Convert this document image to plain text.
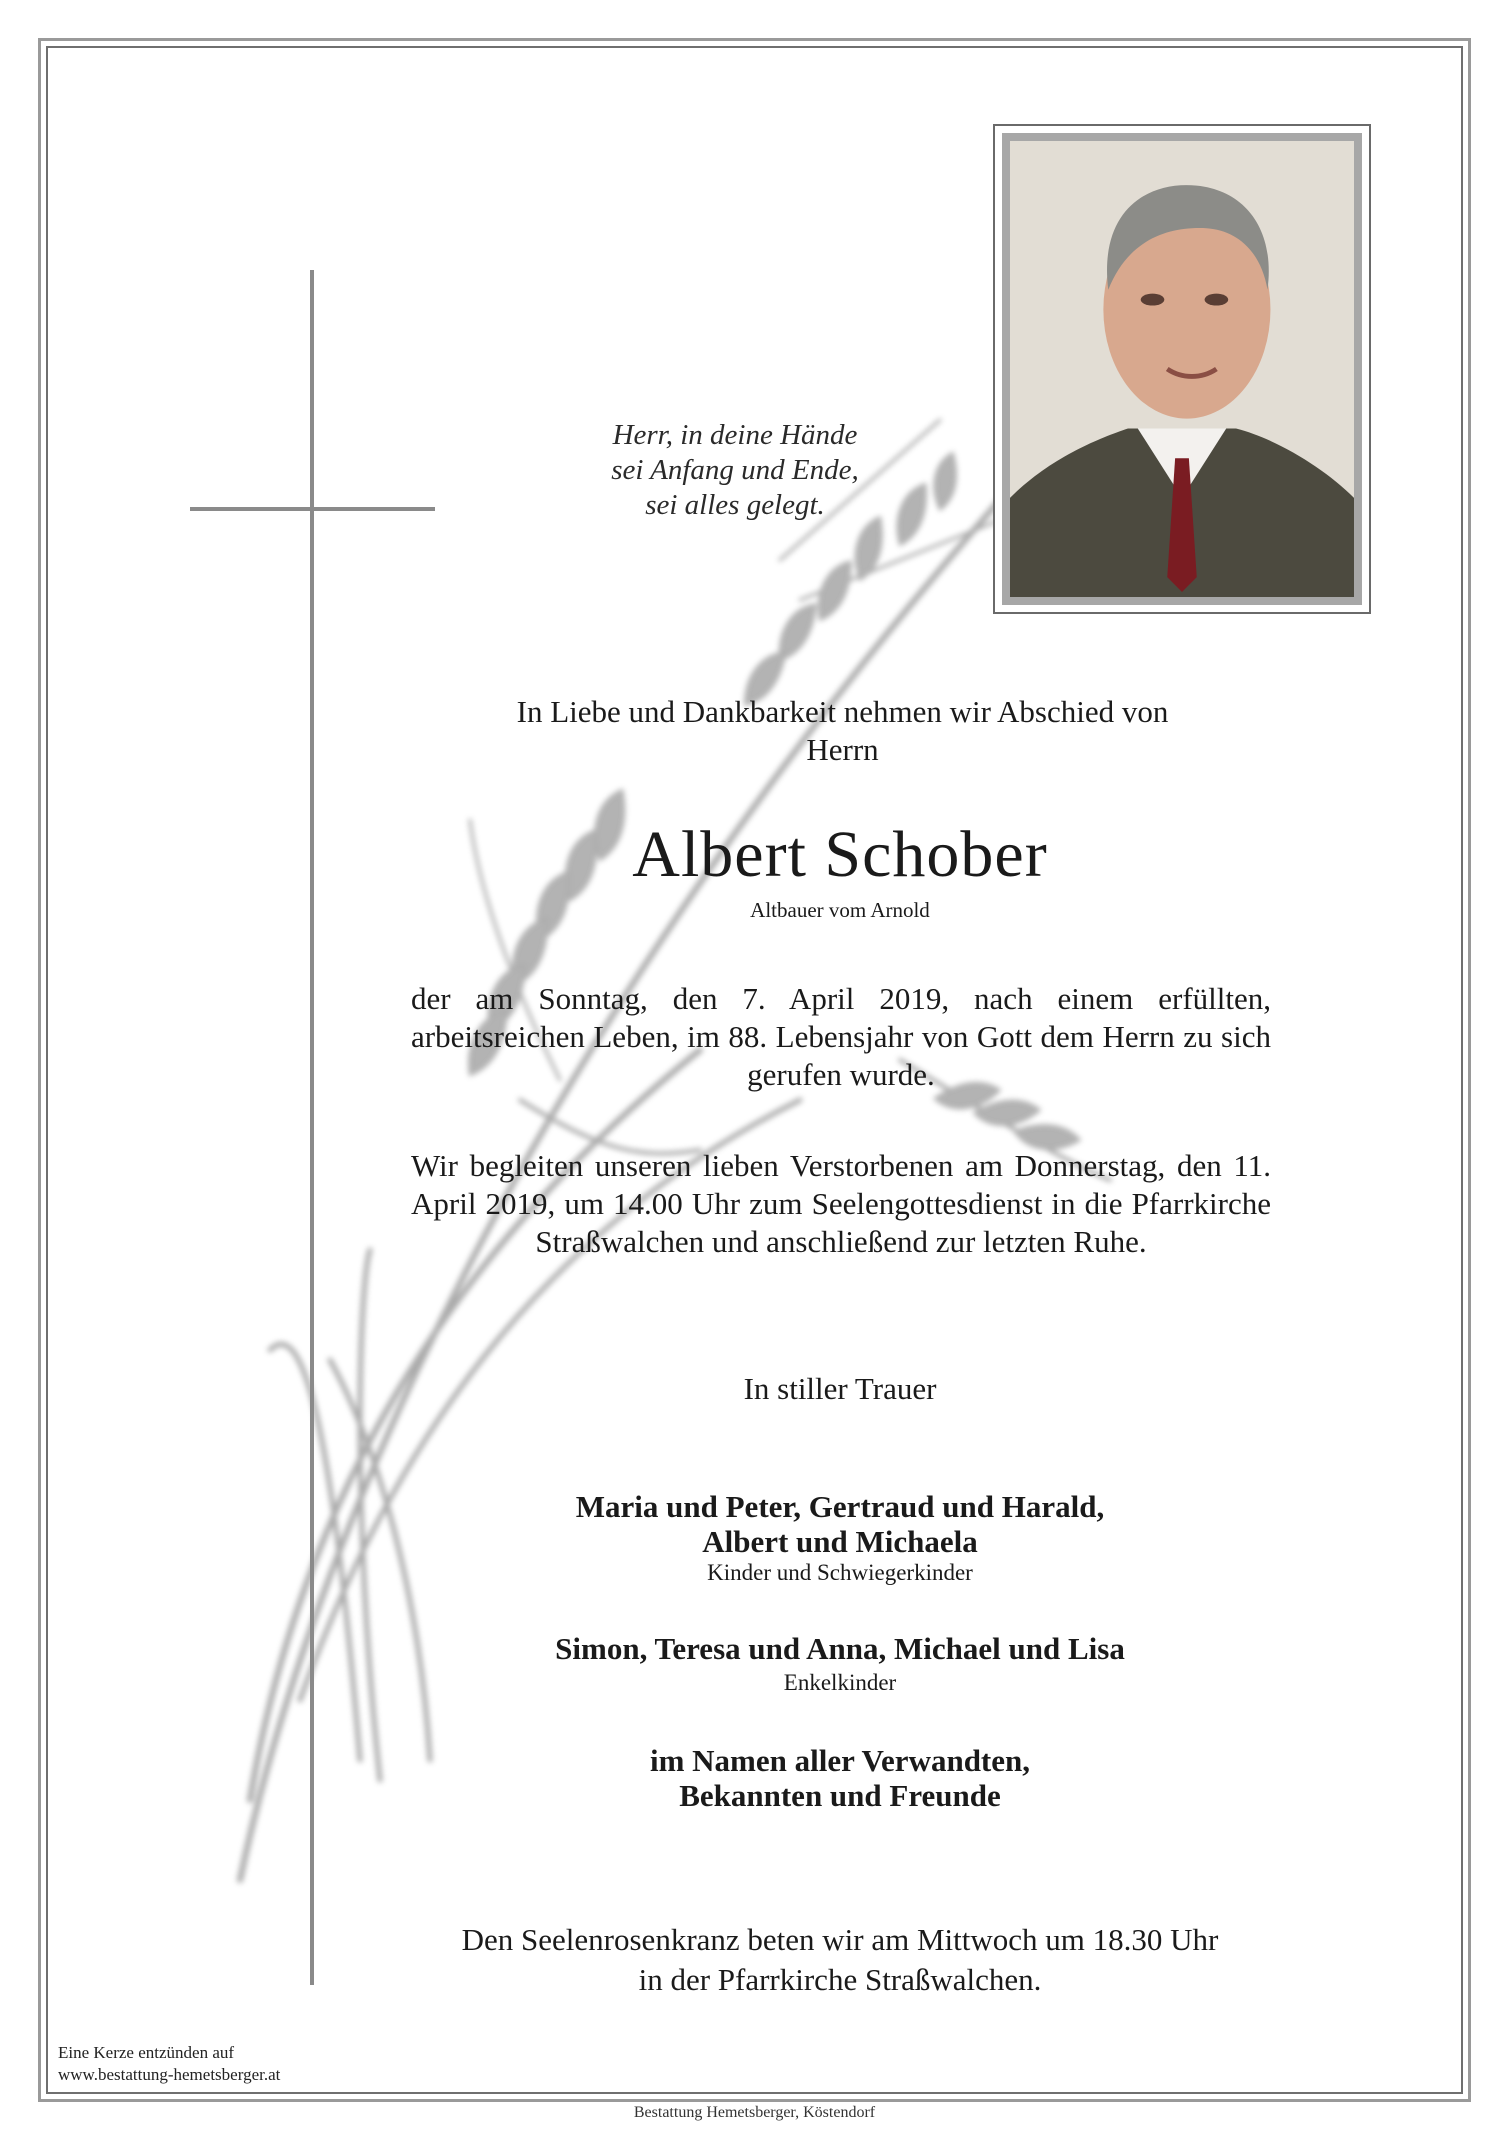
Herr, in deine Hände
sei Anfang und Ende,
sei alles gelegt.
In Liebe und Dankbarkeit nehmen wir Abschied von
Herrn
Albert Schober
Altbauer vom Arnold
der am Sonntag, den 7. April 2019, nach einem erfüllten, arbeitsreichen Leben, im 88. Lebensjahr von Gott dem Herrn zu sich gerufen wurde.
Wir begleiten unseren lieben Verstorbenen am Donnerstag, den 11. April 2019, um 14.00 Uhr zum Seelengottesdienst in die Pfarrkirche Straßwalchen und anschließend zur letzten Ruhe.
In stiller Trauer
Maria und Peter, Gertraud und Harald,
Albert und Michaela
Kinder und Schwiegerkinder
Simon, Teresa und Anna, Michael und Lisa
Enkelkinder
im Namen aller Verwandten,
Bekannten und Freunde
Den Seelenrosenkranz beten wir am Mittwoch um 18.30 Uhr
in der Pfarrkirche Straßwalchen.
Eine Kerze entzünden auf
www.bestattung-hemetsberger.at
Bestattung Hemetsberger, Köstendorf
